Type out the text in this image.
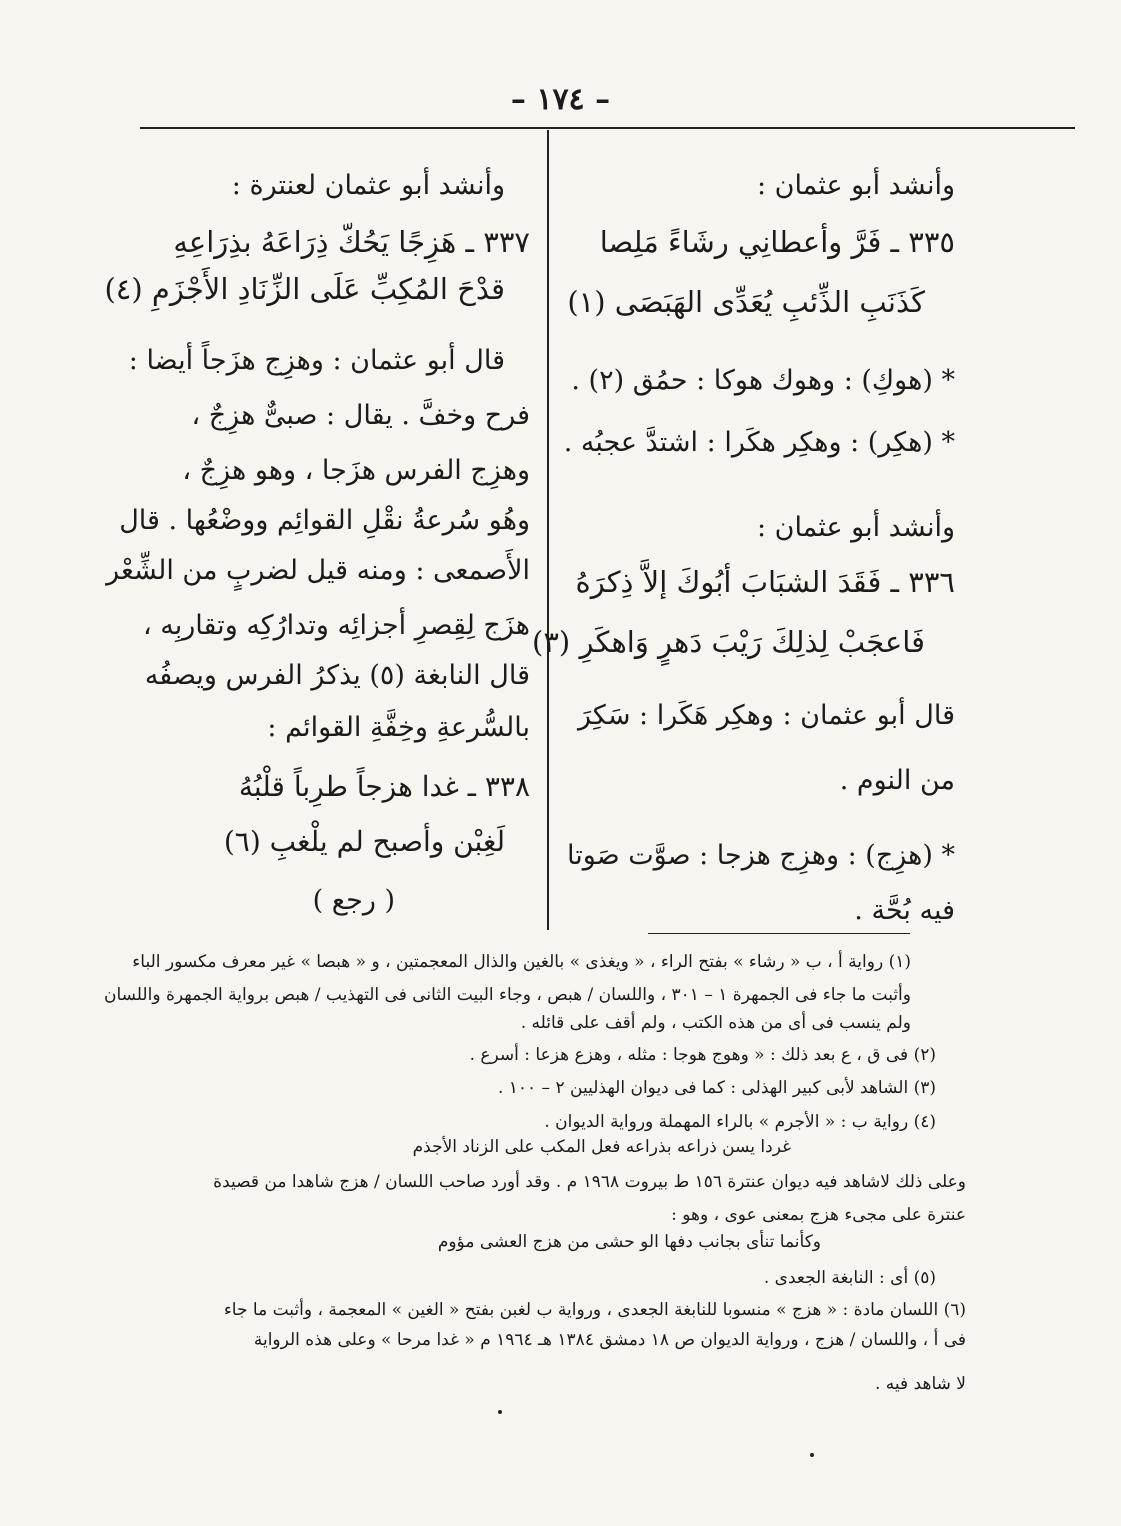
– ١٧٤ –
وأنشد أبو عثمان :
٣٣٥ ـ فَرَّ وأعطانِي رشَاءً مَلِصا
كَذَنَبِ الذِّئبِ يُعَدِّى الهَبَصَى (١)
* (هوكِ) : وهوك هوكا : حمُق (٢) .
* (هكِر) : وهكِر هكَرا : اشتدَّ عجبُه .
وأنشد أبو عثمان :
٣٣٦ ـ فَقَدَ الشبَابَ أبُوكَ إلاَّ ذِكرَهُ
فَاعجَبْ لِذلِكَ رَيْبَ دَهرٍ وَاهكَرِ (٣)
قال أبو عثمان : وهكِر هَكَرا : سَكِرَ
من النوم .
* (هزِج) : وهزِج هزجا : صوَّت صَوتا
فيه بُحَّة .
وأنشد أبو عثمان لعنترة :
٣٣٧ ـ هَزِجًا يَحُكّ ذِرَاعَهُ بذِرَاعِهِ
قدْحَ المُكِبِّ عَلَى الزِّنَادِ الأَجْزَمِ (٤)
قال أبو عثمان : وهزِج هزَجاً أيضا :
فرح وخفَّ . يقال : صبىٌّ هزِجٌ ،
وهزِج الفرس هزَجا ، وهو هزِجٌ ،
وهُو سُرعةُ نقْلِ القوائِم ووضْعُها . قال
الأَصمعى : ومنه قيل لضربٍ من الشِّعْر
هزَج لِقِصرِ أجزائِه وتدارُكِه وتقاربِه ،
قال النابغة (٥) يذكرُ الفرس ويصفُه
بالسُّرعةِ وخِفَّةِ القوائم :
٣٣٨ ـ غدا هزجاً طرِباً قلْبُهُ
لَغِبْن وأصبح لم يلْغبِ (٦)
( رجع )
(١) رواية أ ، ب « رشاء » بفتح الراء ، « ويغذى » بالغين والذال المعجمتين ، و « هبصا » غير معرف مكسور الباء
وأثبت ما جاء فى الجمهرة ١ – ٣٠١ ، واللسان / هبص ، وجاء البيت الثانى فى التهذيب / هبص برواية الجمهرة واللسان
ولم ينسب فى أى من هذه الكتب ، ولم أقف على قائله .
(٢) فى ق ، ع بعد ذلك : « وهوج هوجا : مثله ، وهزع هزعا : أسرع .
(٣) الشاهد لأبى كبير الهذلى : كما فى ديوان الهذليين ٢ – ١٠٠ .
(٤) رواية ب : « الأجرم » بالراء المهملة ورواية الديوان .
غردا يسن ذراعه بذراعه فعل المكب على الزناد الأجذم
وعلى ذلك لاشاهد فيه ديوان عنترة ١٥٦ ط بيروت ١٩٦٨ م . وقد أورد صاحب اللسان / هزج شاهدا من قصيدة
عنترة على مجىء هزج بمعنى عوى ، وهو :
وكأنما تنأى بجانب دفها الو حشى من هزج العشى مؤوم
(٥) أى : النابغة الجعدى .
(٦) اللسان مادة : « هزج » منسوبا للنابغة الجعدى ، ورواية ب لغبن بفتح « الغين » المعجمة ، وأثبت ما جاء
فى أ ، واللسان / هزج ، ورواية الديوان ص ١٨ دمشق ١٣٨٤ هـ ١٩٦٤ م « غدا مرحا » وعلى هذه الرواية
لا شاهد فيه .
